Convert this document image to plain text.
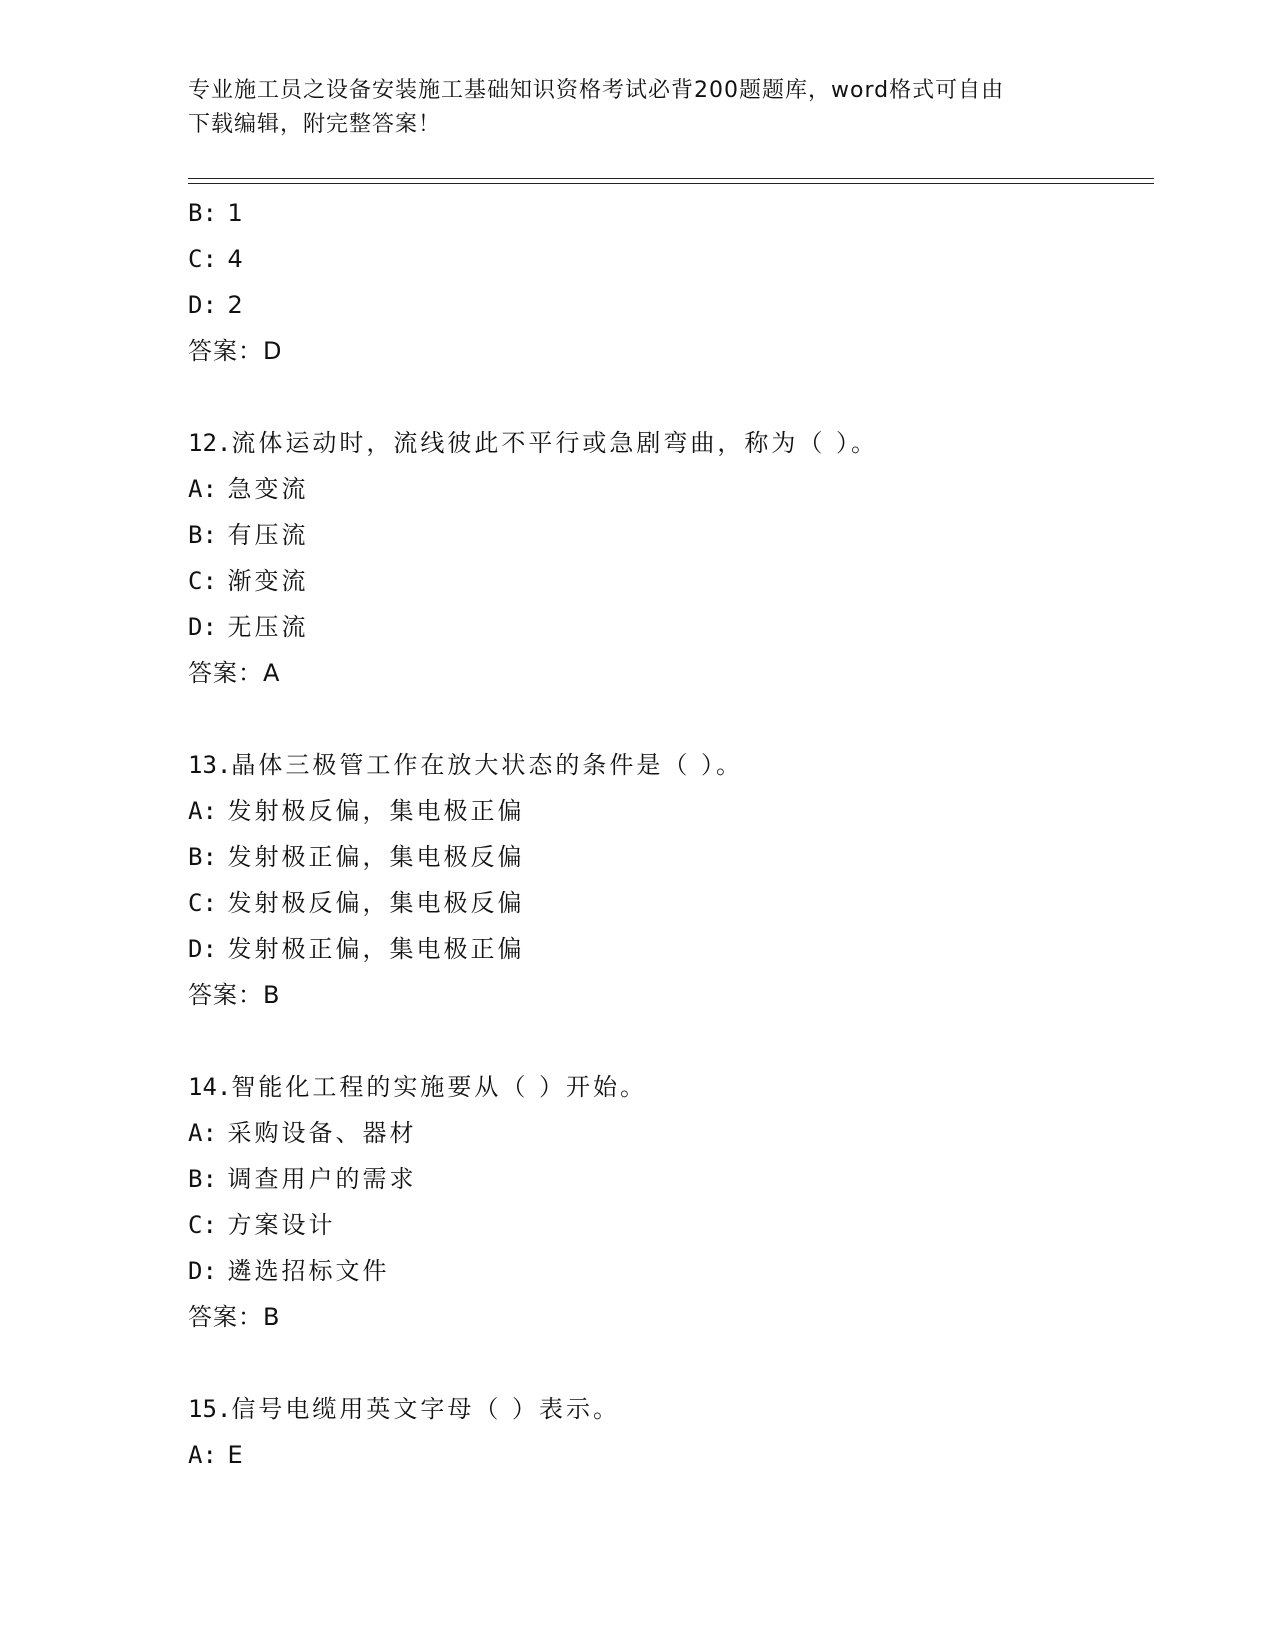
专业施工员之设备安装施工基础知识资格考试必背200题题库，word格式可自由
下载编辑，附完整答案！
B: 1
C: 4
D: 2
答案：D
12.流体运动时，流线彼此不平行或急剧弯曲，称为（ ）。
A: 急变流
B: 有压流
C: 渐变流
D: 无压流
答案：A
13.晶体三极管工作在放大状态的条件是（ ）。
A: 发射极反偏，集电极正偏
B: 发射极正偏，集电极反偏
C: 发射极反偏，集电极反偏
D: 发射极正偏，集电极正偏
答案：B
14.智能化工程的实施要从（ ）开始。
A: 采购设备、器材
B: 调查用户的需求
C: 方案设计
D: 遴选招标文件
答案：B
15.信号电缆用英文字母（ ）表示。
A: E
